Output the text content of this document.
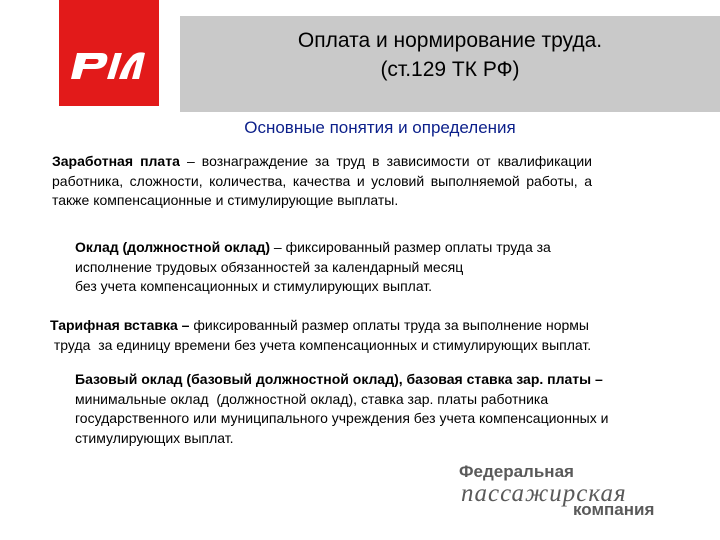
Оплата и нормирование труда.
(ст.129 ТК РФ)
Основные понятия и определения

Заработная плата – вознаграждение за труд в зависимости от квалификации работника, сложности, количества, качества и условий выполняемой работы, а также компенсационные и стимулирующие выплаты.

Оклад (должностной оклад) – фиксированный размер оплаты труда за
исполнение трудовых обязанностей за календарный месяц
без учета компенсационных и стимулирующих выплат.
Тарифная вставка – фиксированный размер оплаты труда за выполнение нормы
труда  за единицу времени без учета компенсационных и стимулирующих выплат.
Базовый оклад (базовый должностной оклад), базовая ставка зар. платы –
минимальные оклад  (должностной оклад), ставка зар. платы работника
государственного или муниципального учреждения без учета компенсационных и
стимулирующих выплат.
Федеральная
пассажирская
компания
